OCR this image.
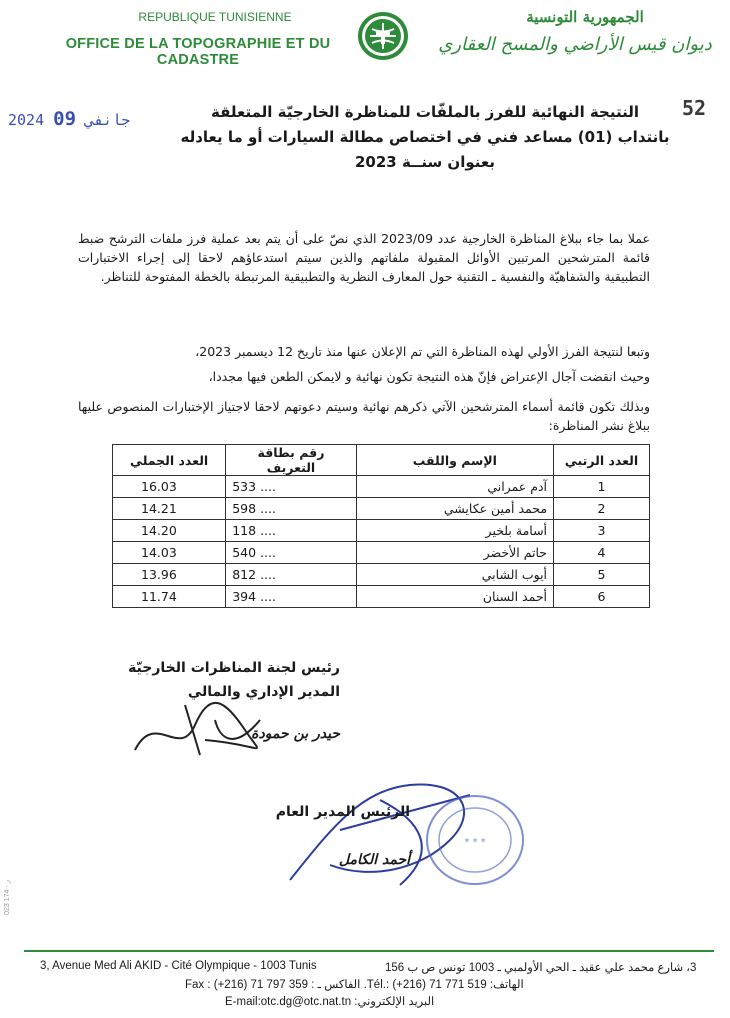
REPUBLIQUE TUNISIENNE
OFFICE DE LA TOPOGRAPHIE ET DU CADASTRE
الجمهورية التونسية
ديوان قيس الأراضي والمسح العقاري
2024	جانفي 09	52
النتيجة النهائية للفرز بالملفّات للمناظرة الخارجيّة المتعلقة
بانتداب (01) مساعد فني في اختصاص مطالة السيارات أو ما يعادله
بعنوان سنــة 2023
عملا بما جاء ببلاغ المناظرة الخارجية عدد 2023/09 الذي نصّ على أن يتم بعد عملية فرز ملفات الترشح ضبط قائمة المترشحين المرتبين الأوائل المقبولة ملفاتهم والذين سيتم استدعاؤهم لاحقا إلى إجراء الاختبارات التطبيقية والشفاهيّة والنفسية ـ التقنية حول المعارف النظرية والتطبيقية المرتبطة بالخطة المفتوحة للتناظر.
وتبعا لنتيجة الفرز الأولي لهذه المناظرة التي تم الإعلان عنها منذ تاريخ 12 ديسمبر 2023،
وحيث انقضت آجال الإعتراض فإنّ هذه النتيجة تكون نهائية و لايمكن الطعن فيها مجددا،
وبذلك تكون قائمة أسماء المترشحين الآتي ذكرهم نهائية وسيتم دعوتهم لاحقا لاجتياز الإختبارات المنصوص عليها ببلاغ نشر المناظرة:
العدد الرتبي	الإسم واللقب	رقم بطاقة التعريف	العدد الجملي
1	آدم عمراني	533 ....	16.03
2	محمد أمين عكايشي	598 ....	14.21
3	أسامة بلخير	118 ....	14.20
4	حاتم الأخضر	540 ....	14.03
5	أيوب الشابي	812 ....	13.96
6	أحمد السنان	394 ....	11.74
رئيس لجنة المناظرات الخارجيّة
المدير الإداري والمالي
حيدر بن حمودة
* * *
الرئيس المدير العام
أحمد الكامل
023 174 - ر
3, Avenue Med Ali AKID - Cité Olympique - 1003 Tunis	3، شارع محمد علي عقيد ـ الحي الأولمبي ـ 1003 تونس ص ب 156
Fax : (+216) 71 797 359 : الفاكس ـ .Tél.: (+216) 71 771 519 :الهاتف
E-mail:otc.dg@otc.nat.tn :البريد الإلكتروني
